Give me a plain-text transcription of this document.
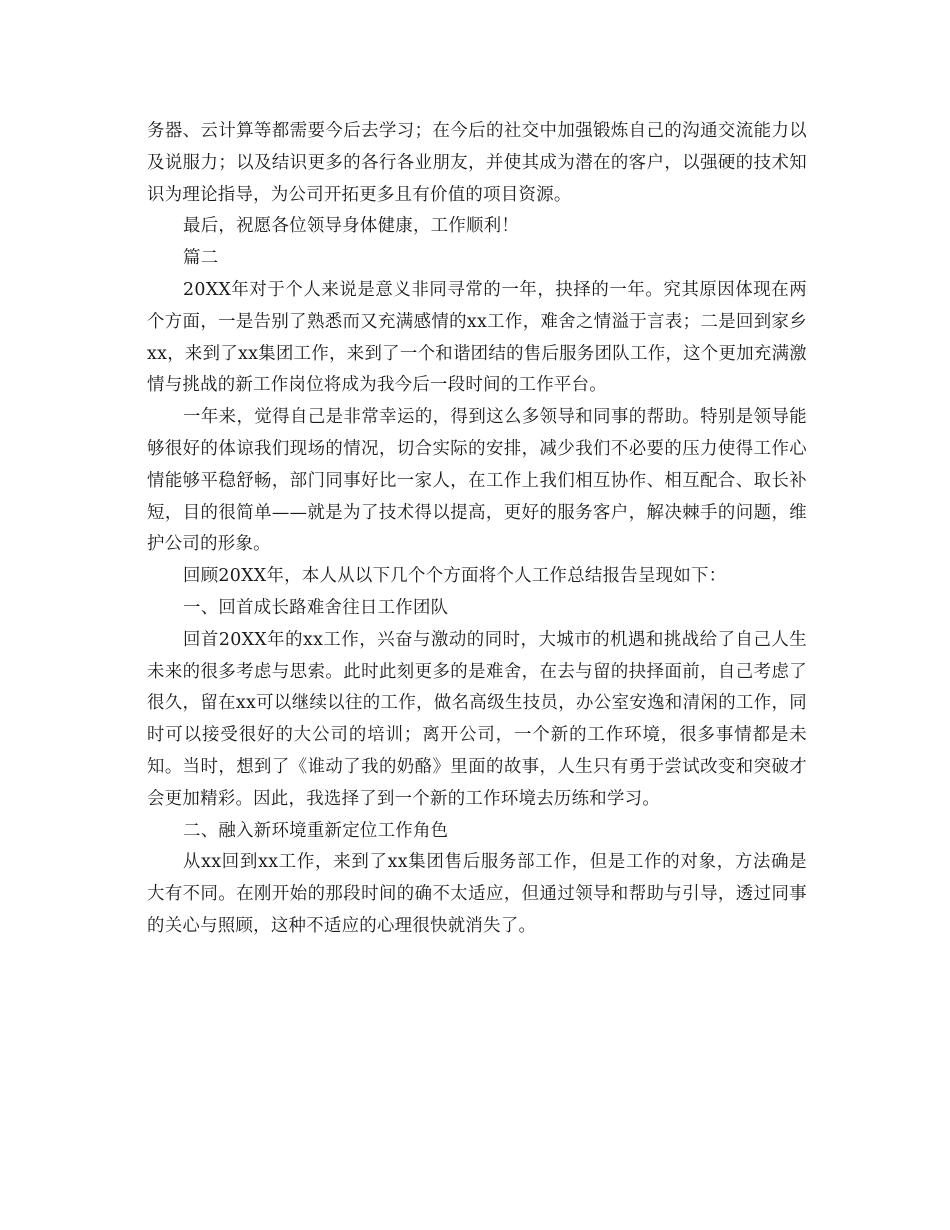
务器、云计算等都需要今后去学习；在今后的社交中加强锻炼自己的沟通交流能力以及说服力；以及结识更多的各行各业朋友，并使其成为潜在的客户，以强硬的技术知识为理论指导，为公司开拓更多且有价值的项目资源。

最后，祝愿各位领导身体健康，工作顺利！

篇二

20XX年对于个人来说是意义非同寻常的一年，抉择的一年。究其原因体现在两个方面，一是告别了熟悉而又充满感情的xx工作，难舍之情溢于言表；二是回到家乡xx，来到了xx集团工作，来到了一个和谐团结的售后服务团队工作，这个更加充满激情与挑战的新工作岗位将成为我今后一段时间的工作平台。

一年来，觉得自己是非常幸运的，得到这么多领导和同事的帮助。特别是领导能够很好的体谅我们现场的情况，切合实际的安排，减少我们不必要的压力使得工作心情能够平稳舒畅，部门同事好比一家人，在工作上我们相互协作、相互配合、取长补短，目的很简单——就是为了技术得以提高，更好的服务客户，解决棘手的问题，维护公司的形象。

回顾20XX年，本人从以下几个个方面将个人工作总结报告呈现如下：

一、回首成长路难舍往日工作团队

回首20XX年的xx工作，兴奋与激动的同时，大城市的机遇和挑战给了自己人生未来的很多考虑与思索。此时此刻更多的是难舍，在去与留的抉择面前，自己考虑了很久，留在xx可以继续以往的工作，做名高级生技员，办公室安逸和清闲的工作，同时可以接受很好的大公司的培训；离开公司，一个新的工作环境，很多事情都是未知。当时，想到了《谁动了我的奶酪》里面的故事，人生只有勇于尝试改变和突破才会更加精彩。因此，我选择了到一个新的工作环境去历练和学习。

二、融入新环境重新定位工作角色

从xx回到xx工作，来到了xx集团售后服务部工作，但是工作的对象，方法确是大有不同。在刚开始的那段时间的确不太适应，但通过领导和帮助与引导，透过同事的关心与照顾，这种不适应的心理很快就消失了。
